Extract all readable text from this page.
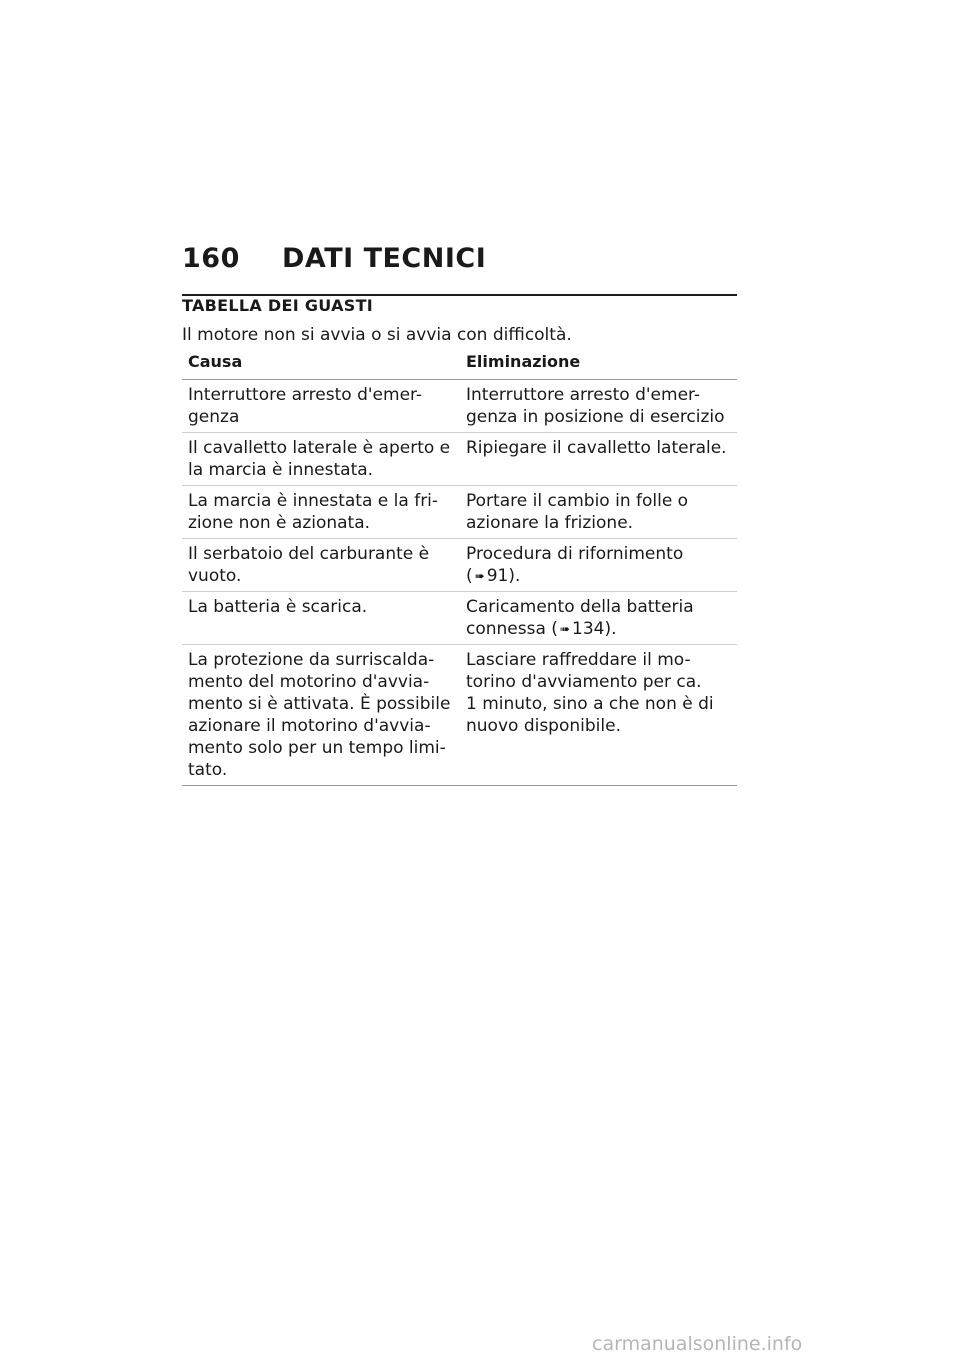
160 DATI TECNICI
TABELLA DEI GUASTI
Il motore non si avvia o si avvia con difficoltà.
Causa	Eliminazione
Interruttore arresto d'emer-
genza
Interruttore arresto d'emer-
genza in posizione di esercizio
Il cavalletto laterale è aperto e
la marcia è innestata.
Ripiegare il cavalletto laterale.
La marcia è innestata e la fri-
zione non è azionata.
Portare il cambio in folle o
azionare la frizione.
Il serbatoio del carburante è
vuoto.
Procedura di rifornimento
( ➠ 91).
La batteria è scarica.	Caricamento della batteria
connessa ( ➠ 134).
La protezione da surriscalda-
mento del motorino d'avvia-
mento si è attivata. È possibile
azionare il motorino d'avvia-
mento solo per un tempo limi-
tato.
Lasciare raffreddare il mo-
torino d'avviamento per ca.
1 minuto, sino a che non è di
nuovo disponibile.
carmanualsonline.info
